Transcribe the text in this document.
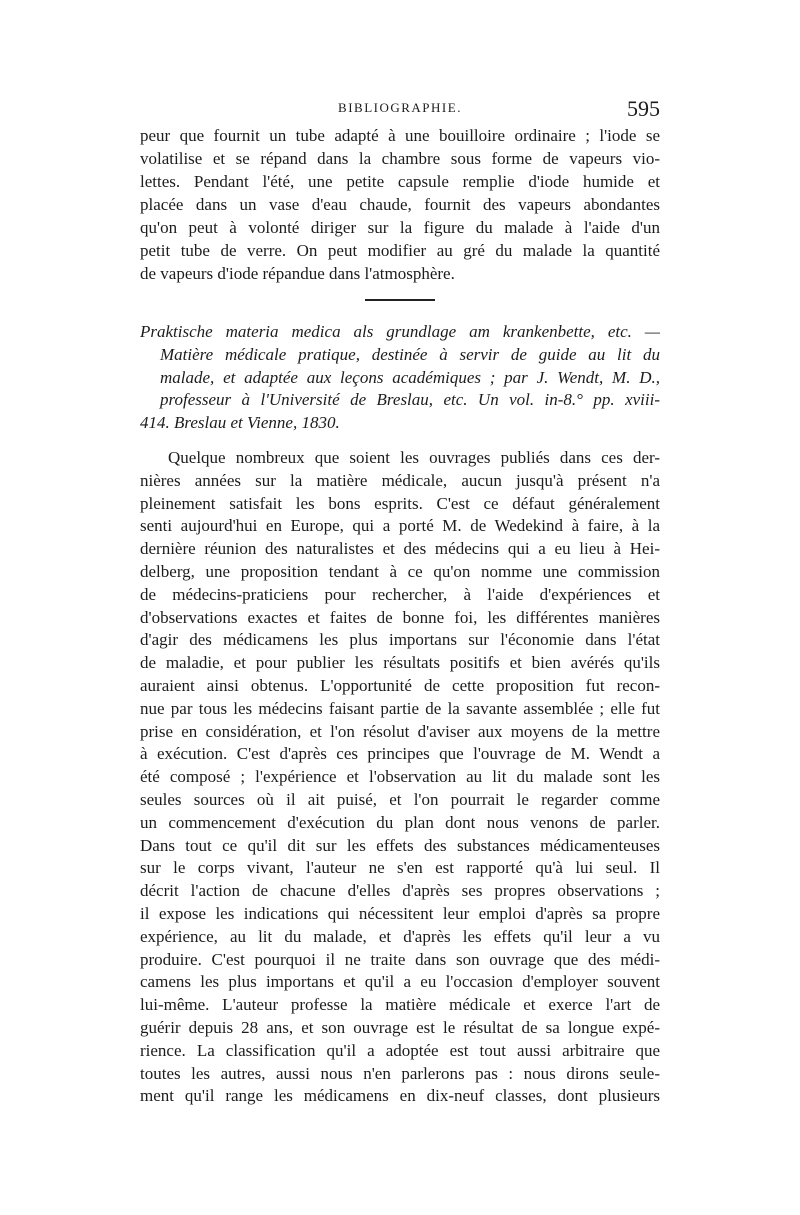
BIBLIOGRAPHIE.	595
peur que fournit un tube adapté à une bouilloire ordinaire ; l'iode se
volatilise et se répand dans la chambre sous forme de vapeurs vio-
lettes. Pendant l'été, une petite capsule remplie d'iode humide et
placée dans un vase d'eau chaude, fournit des vapeurs abondantes
qu'on peut à volonté diriger sur la figure du malade à l'aide d'un
petit tube de verre. On peut modifier au gré du malade la quantité
de vapeurs d'iode répandue dans l'atmosphère.
Praktische materia medica als grundlage am krankenbette, etc. —
Matière médicale pratique, destinée à servir de guide au lit du
malade, et adaptée aux leçons académiques ; par J. Wendt, M. D.,
professeur à l'Université de Breslau, etc. Un vol. in-8.° pp. xviii-
414. Breslau et Vienne, 1830.
Quelque nombreux que soient les ouvrages publiés dans ces der-
nières années sur la matière médicale, aucun jusqu'à présent n'a
pleinement satisfait les bons esprits. C'est ce défaut généralement
senti aujourd'hui en Europe, qui a porté M. de Wedekind à faire, à la
dernière réunion des naturalistes et des médecins qui a eu lieu à Hei-
delberg, une proposition tendant à ce qu'on nomme une commission
de médecins-praticiens pour rechercher, à l'aide d'expériences et
d'observations exactes et faites de bonne foi, les différentes manières
d'agir des médicamens les plus importans sur l'économie dans l'état
de maladie, et pour publier les résultats positifs et bien avérés qu'ils
auraient ainsi obtenus. L'opportunité de cette proposition fut recon-
nue par tous les médecins faisant partie de la savante assemblée ; elle fut
prise en considération, et l'on résolut d'aviser aux moyens de la mettre
à exécution. C'est d'après ces principes que l'ouvrage de M. Wendt a
été composé ; l'expérience et l'observation au lit du malade sont les
seules sources où il ait puisé, et l'on pourrait le regarder comme
un commencement d'exécution du plan dont nous venons de parler.
Dans tout ce qu'il dit sur les effets des substances médicamenteuses
sur le corps vivant, l'auteur ne s'en est rapporté qu'à lui seul. Il
décrit l'action de chacune d'elles d'après ses propres observations ;
il expose les indications qui nécessitent leur emploi d'après sa propre
expérience, au lit du malade, et d'après les effets qu'il leur a vu
produire. C'est pourquoi il ne traite dans son ouvrage que des médi-
camens les plus importans et qu'il a eu l'occasion d'employer souvent
lui-même. L'auteur professe la matière médicale et exerce l'art de
guérir depuis 28 ans, et son ouvrage est le résultat de sa longue expé-
rience. La classification qu'il a adoptée est tout aussi arbitraire que
toutes les autres, aussi nous n'en parlerons pas : nous dirons seule-
ment qu'il range les médicamens en dix-neuf classes, dont plusieurs
